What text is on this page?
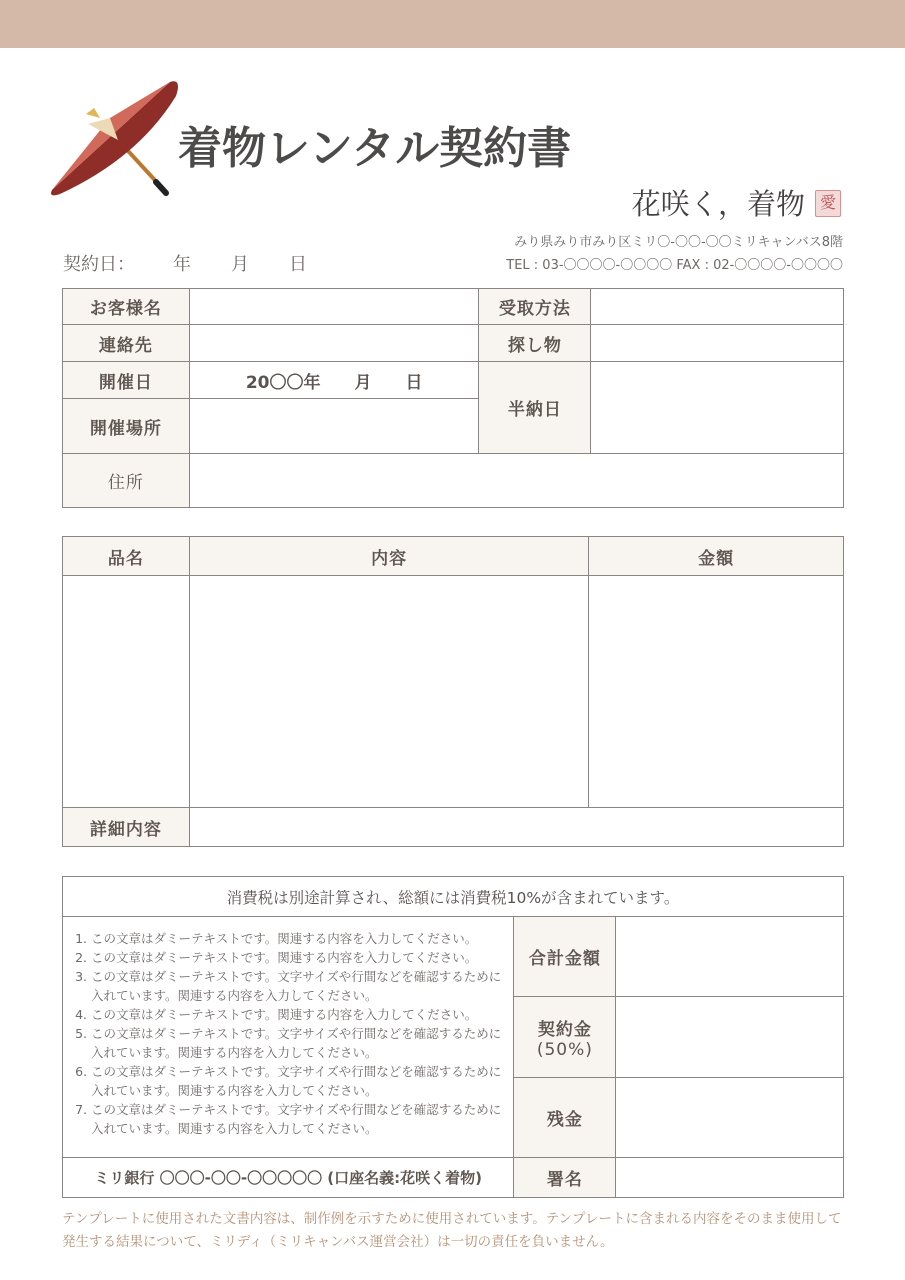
着物レンタル契約書
花咲く，着物 愛
みり県みり市みり区ミリ〇-〇〇-〇〇ミリキャンバス8階
TEL : 03-〇〇〇〇-〇〇〇〇 FAX : 02-〇〇〇〇-〇〇〇〇
契約日： 年 月 日
お客様名		受取方法	
連絡先		探し物	
開催日	20〇〇年　　月　　日	半納日	
開催場所			
住所			
品名	内容	金額

詳細内容		
消費税は別途計算され、総額には消費税10%が含まれています。		

1. この文章はダミーテキストです。関連する内容を入力してください。
2. この文章はダミーテキストです。関連する内容を入力してください。
3. この文章はダミーテキストです。文字サイズや行間などを確認するために入れています。関連する内容を入力してください。
4. この文章はダミーテキストです。関連する内容を入力してください。
5. この文章はダミーテキストです。文字サイズや行間などを確認するために入れています。関連する内容を入力してください。
6. この文章はダミーテキストです。文字サイズや行間などを確認するために入れています。関連する内容を入力してください。
7. この文章はダミーテキストです。文字サイズや行間などを確認するために入れています。関連する内容を入力してください。
	合計金額	

	契約金
(50%)	

	残金	
ミリ銀行 〇〇〇-〇〇-〇〇〇〇〇 (口座名義:花咲く着物)	署名	
テンプレートに使用された文書内容は、制作例を示すために使用されています。テンプレートに含まれる内容をそのまま使用して発生する結果について、ミリディ（ミリキャンバス運営会社）は一切の責任を負いません。
